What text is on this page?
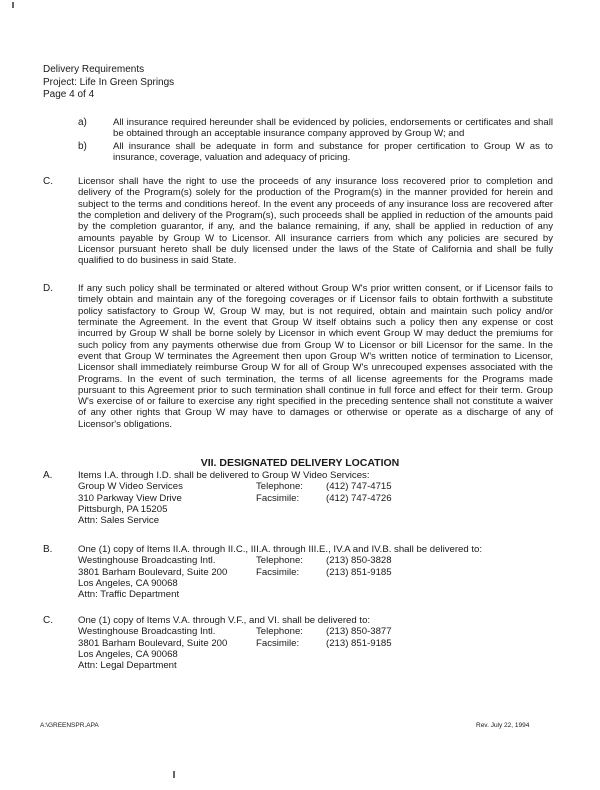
Delivery Requirements
Project: Life In Green Springs
Page 4 of 4
a)	All insurance required hereunder shall be evidenced by policies, endorsements or certificates and shall be obtained through an acceptable insurance company approved by Group W; and
b)	All insurance shall be adequate in form and substance for proper certification to Group W as to insurance, coverage, valuation and adequacy of pricing.
C.	Licensor shall have the right to use the proceeds of any insurance loss recovered prior to completion and delivery of the Program(s) solely for the production of the Program(s) in the manner provided for herein and subject to the terms and conditions hereof. In the event any proceeds of any insurance loss are recovered after the completion and delivery of the Program(s), such proceeds shall be applied in reduction of the amounts paid by the completion guarantor, if any, and the balance remaining, if any, shall be applied in reduction of any amounts payable by Group W to Licensor. All insurance carriers from which any policies are secured by Licensor pursuant hereto shall be duly licensed under the laws of the State of California and shall be fully qualified to do business in said State.
D.	If any such policy shall be terminated or altered without Group W's prior written consent, or if Licensor fails to timely obtain and maintain any of the foregoing coverages or if Licensor fails to obtain forthwith a substitute policy satisfactory to Group W, Group W may, but is not required, obtain and maintain such policy and/or terminate the Agreement. In the event that Group W itself obtains such a policy then any expense or cost incurred by Group W shall be borne solely by Licensor in which event Group W may deduct the premiums for such policy from any payments otherwise due from Group W to Licensor or bill Licensor for the same. In the event that Group W terminates the Agreement then upon Group W's written notice of termination to Licensor, Licensor shall immediately reimburse Group W for all of Group W's unrecouped expenses associated with the Programs. In the event of such termination, the terms of all license agreements for the Programs made pursuant to this Agreement prior to such termination shall continue in full force and effect for their term. Group W's exercise of or failure to exercise any right specified in the preceding sentence shall not constitute a waiver of any other rights that Group W may have to damages or otherwise or operate as a discharge of any of Licensor's obligations.
VII. DESIGNATED DELIVERY LOCATION
A.	Items I.A. through I.D. shall be delivered to Group W Video Services:
Group W Video Services	Telephone:	(412) 747-4715
310 Parkway View Drive	Facsimile:	(412) 747-4726
Pittsburgh, PA 15205
Attn: Sales Service
B.	One (1) copy of Items II.A. through II.C., III.A. through III.E., IV.A and IV.B. shall be delivered to:
Westinghouse Broadcasting Intl.	Telephone:	(213) 850-3828
3801 Barham Boulevard, Suite 200	Facsimile:	(213) 851-9185
Los Angeles, CA 90068
Attn: Traffic Department
C.	One (1) copy of Items V.A. through V.F., and VI. shall be delivered to:
Westinghouse Broadcasting Intl.	Telephone:	(213) 850-3877
3801 Barham Boulevard, Suite 200	Facsimile:	(213) 851-9185
Los Angeles, CA 90068
Attn: Legal Department
A:\GREENSPR.APA	Rev. July 22, 1994
